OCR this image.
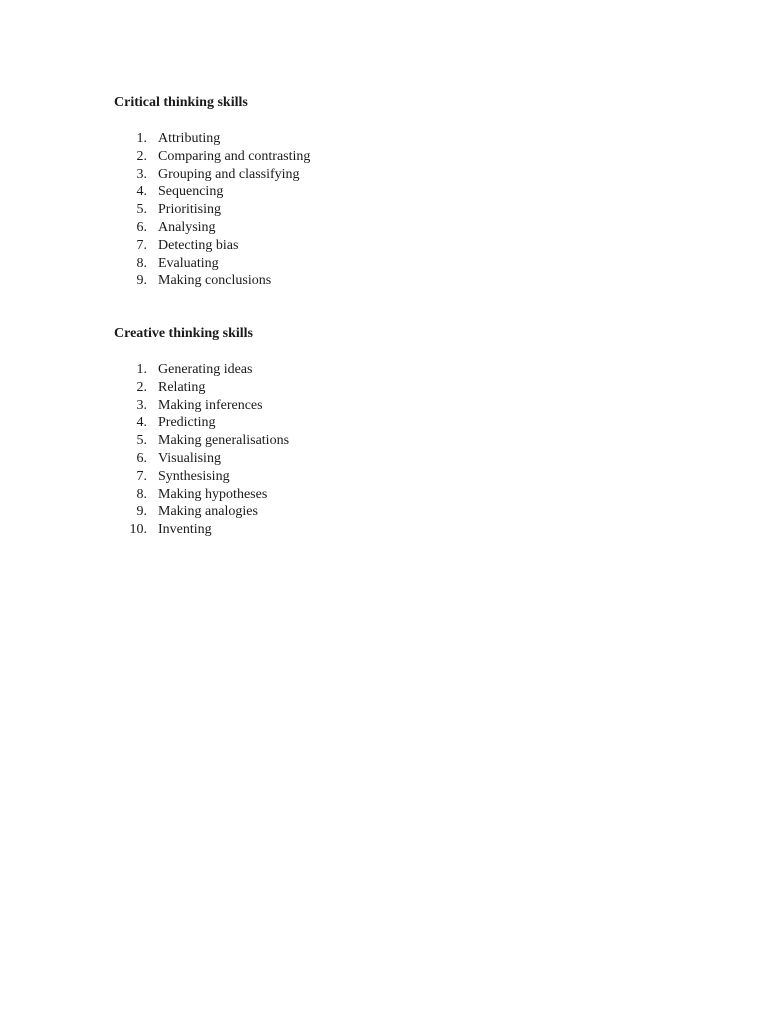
Critical thinking skills
1. Attributing
2. Comparing and contrasting
3. Grouping and classifying
4. Sequencing
5. Prioritising
6. Analysing
7. Detecting bias
8. Evaluating
9. Making conclusions
Creative thinking skills
1. Generating ideas
2. Relating
3. Making inferences
4. Predicting
5. Making generalisations
6. Visualising
7. Synthesising
8. Making hypotheses
9. Making analogies
10. Inventing
